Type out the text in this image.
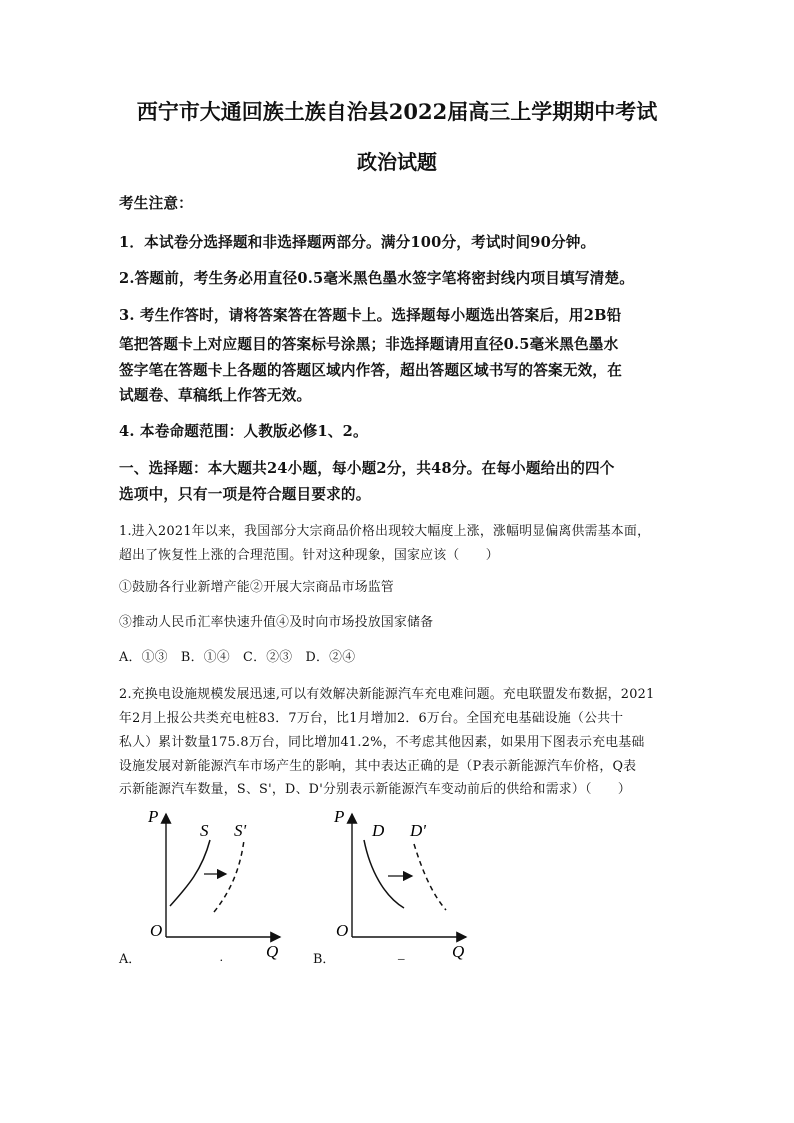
西宁市大通回族土族自治县2022届高三上学期期中考试
政治试题
考生注意：
1．本试卷分选择题和非选择题两部分。满分100分，考试时间90分钟。
2.答题前，考生务必用直径0.5毫米黑色墨水签字笔将密封线内项目填写清楚。
3. 考生作答时，请将答案答在答题卡上。选择题每小题选出答案后，用2B铅
笔把答题卡上对应题目的答案标号涂黑；非选择题请用直径0.5毫米黑色墨水
签字笔在答题卡上各题的答题区域内作答，超出答题区域书写的答案无效，在
试题卷、草稿纸上作答无效。
4. 本卷命题范围：人教版必修1、2。
一、选择题：本大题共24小题，每小题2分，共48分。在每小题给出的四个
选项中，只有一项是符合题目要求的。
1.进入2021年以来，我国部分大宗商品价格出现较大幅度上涨，涨幅明显偏离供需基本面，
超出了恢复性上涨的合理范围。针对这种现象，国家应该（　　）
①鼓励各行业新增产能②开展大宗商品市场监管
③推动人民币汇率快速升值④及时向市场投放国家储备
A．①③　B．①④　C．②③　D．②④
2.充换电设施规模发展迅速,可以有效解决新能源汽车充电难问题。充电联盟发布数据，2021
年2月上报公共类充电桩83．7万台，比1月增加2．6万台。全国充电基础设施（公共十
私人）累计数量175.8万台，同比增加41.2%，不考虑其他因素，如果用下图表示充电基础
设施发展对新能源汽车市场产生的影响，其中表达正确的是（P表示新能源汽车价格，Q表
示新能源汽车数量，S、S'，D、D'分别表示新能源汽车变动前后的供给和需求）（　　）
P
O
Q
S S'
.
A．
P
O
Q
D D'
_
B．
